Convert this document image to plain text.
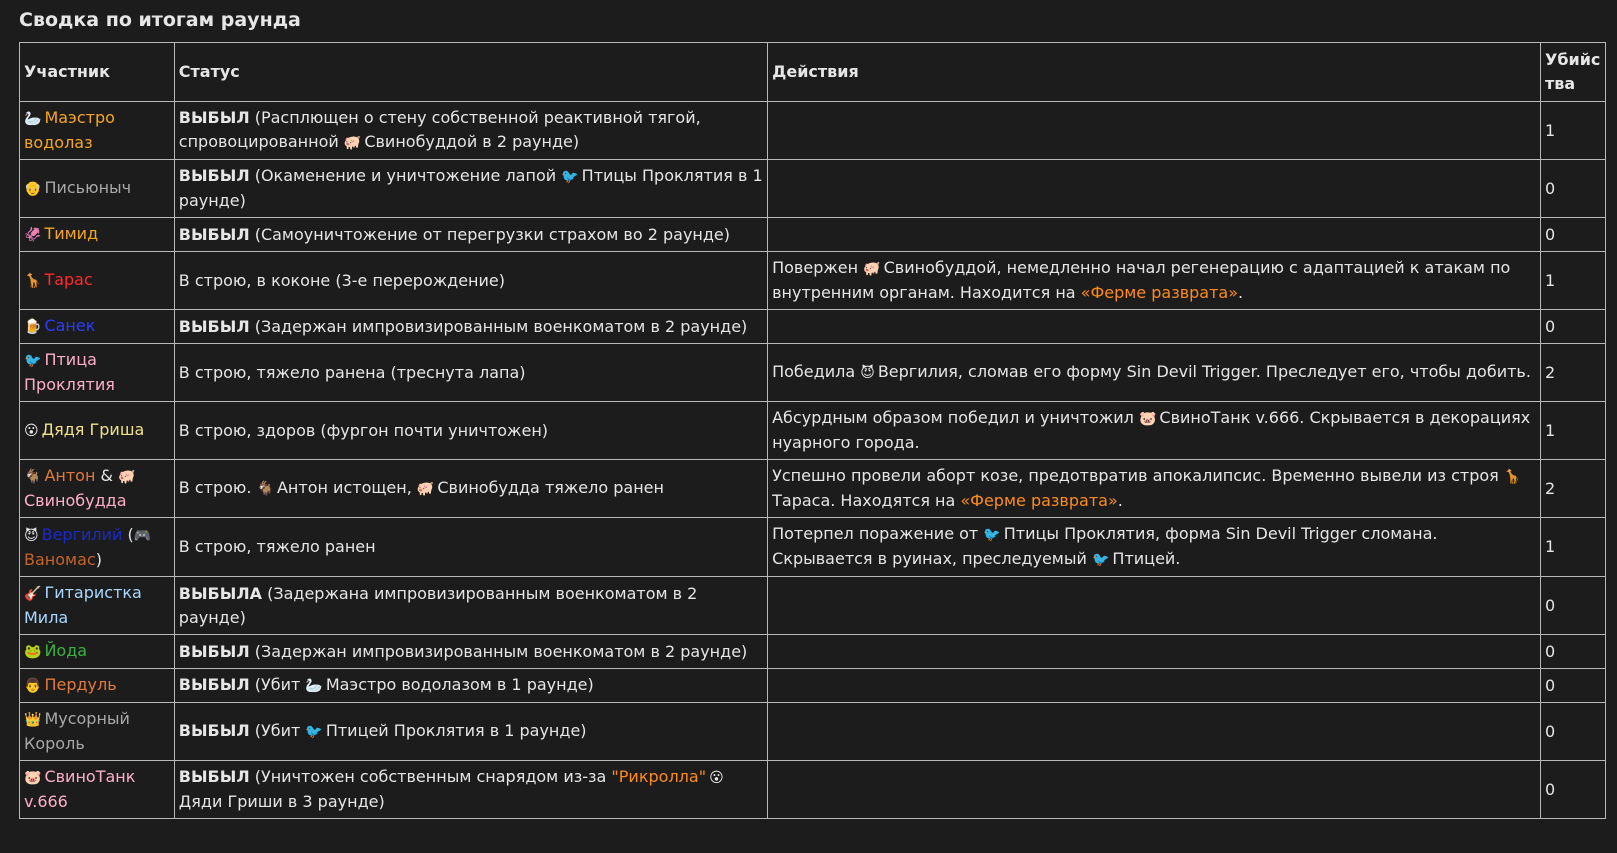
Сводка по итогам раунда
Участник	Статус	Действия	Убийства
🦢 Маэстро водолаз	ВЫБЫЛ (Расплющен о стену собственной реактивной тягой, спровоцированной 🐖 Свинобуддой в 2 раунде)		1
👴 Письюныч	ВЫБЫЛ (Окаменение и уничтожение лапой 🐦 Птицы Проклятия в 1 раунде)		0
🦑 Тимид	ВЫБЫЛ (Самоуничтожение от перегрузки страхом во 2 раунде)		0
🦒 Тарас	В строю, в коконе (3-е перерождение)	Повержен 🐖 Свинобуддой, немедленно начал регенерацию с адаптацией к атакам по внутренним органам. Находится на «Ферме разврата».	1
🍺 Санек	ВЫБЫЛ (Задержан импровизированным военкоматом в 2 раунде)		0
🐦 Птица Проклятия	В строю, тяжело ранена (треснута лапа)	Победила 😈 Вергилия, сломав его форму Sin Devil Trigger. Преследует его, чтобы добить.	2
😮 Дядя Гриша	В строю, здоров (фургон почти уничтожен)	Абсурдным образом победил и уничтожил 🐷 СвиноТанк v.666. Скрывается в декорациях нуарного города.	1
🐐 Антон & 🐖Свинобудда	В строю. 🐐 Антон истощен, 🐖 Свинобудда тяжело ранен	Успешно провели аборт козе, предотвратив апокалипсис. Временно вывели из строя 🦒Тараса. Находятся на «Ферме разврата».	2
😈 Вергилий (🎮Ваномас)	В строю, тяжело ранен	Потерпел поражение от 🐦 Птицы Проклятия, форма Sin Devil Trigger сломана. Скрывается в руинах, преследуемый 🐦 Птицей.	1
🎸 Гитаристка Мила	ВЫБЫЛА (Задержана импровизированным военкоматом в 2 раунде)		0
🐸 Йода	ВЫБЫЛ (Задержан импровизированным военкоматом в 2 раунде)		0
👨 Пердуль	ВЫБЫЛ (Убит 🦢 Маэстро водолазом в 1 раунде)		0
👑 Мусорный Король	ВЫБЫЛ (Убит 🐦 Птицей Проклятия в 1 раунде)		0
🐷 СвиноТанк v.666	ВЫБЫЛ (Уничтожен собственным снарядом из-за "Рикролла" 😮Дяди Гриши в 3 раунде)		0
